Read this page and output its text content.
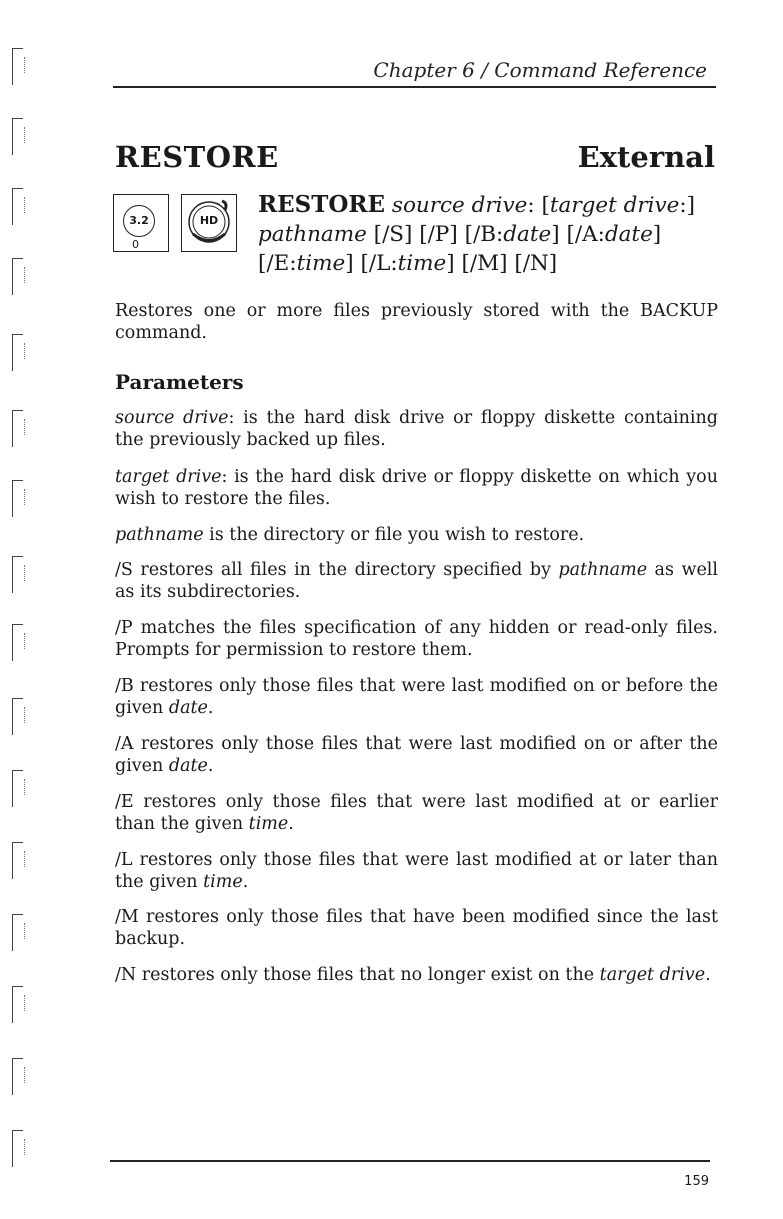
Chapter 6 / Command Reference
RESTORE	External
3.2
0
HD
RESTORE source drive: [target drive:]
pathname [/S] [/P] [/B:date] [/A:date]
[/E:time] [/L:time] [/M] [/N]
Restores one or more files previously stored with the BACKUP command.
Parameters
source drive: is the hard disk drive or floppy diskette containing the previously backed up files.
target drive: is the hard disk drive or floppy diskette on which you wish to restore the files.
pathname is the directory or file you wish to restore.
/S restores all files in the directory specified by pathname as well as its subdirectories.
/P matches the files specification of any hidden or read-only files. Prompts for permission to restore them.
/B restores only those files that were last modified on or before the given date.
/A restores only those files that were last modified on or after the given date.
/E restores only those files that were last modified at or earlier than the given time.
/L restores only those files that were last modified at or later than the given time.
/M restores only those files that have been modified since the last backup.
/N restores only those files that no longer exist on the target drive.
159
